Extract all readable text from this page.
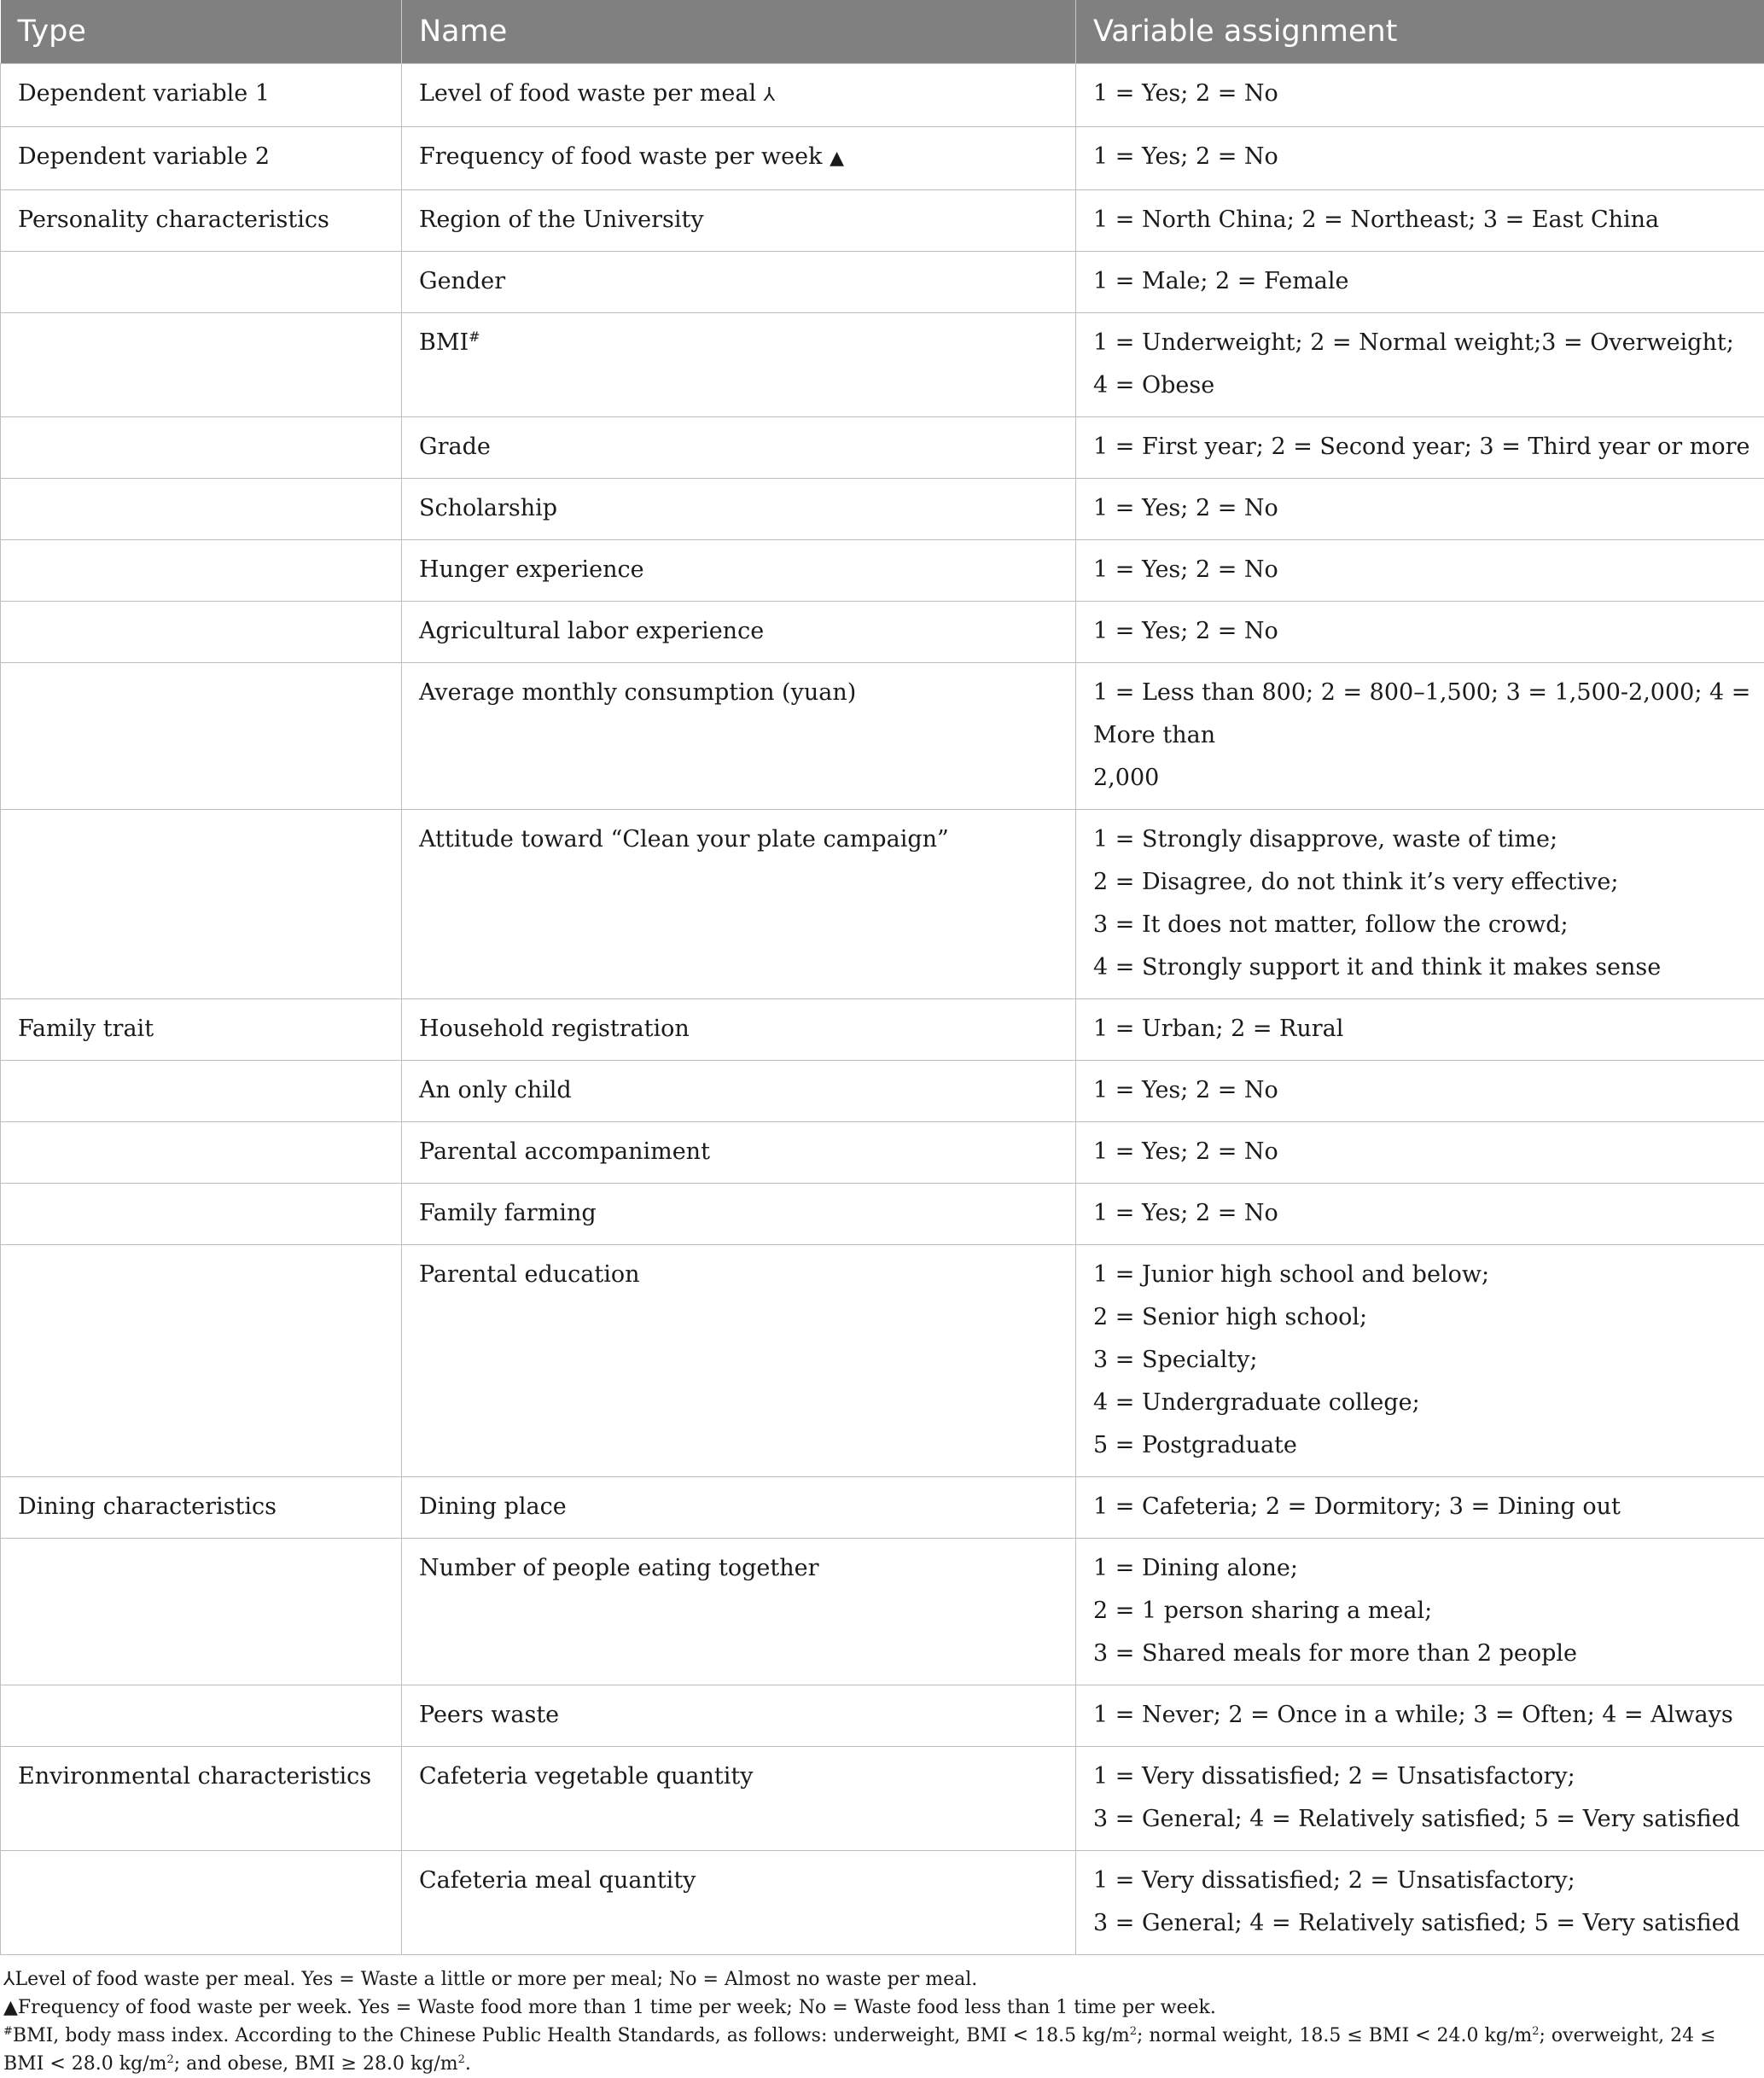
Type	Name	Variable assignment
Dependent variable 1	Level of food waste per meal ⅄	1 = Yes; 2 = No

Dependent variable 2	Frequency of food waste per week ▲	1 = Yes; 2 = No

Personality characteristics	Region of the University	1 = North China; 2 = Northeast; 3 = East China

	Gender	1 = Male; 2 = Female

	BMI#	1 = Underweight; 2 = Normal weight;3 = Overweight; 4 = Obese

	Grade	1 = First year; 2 = Second year; 3 = Third year or more

	Scholarship	1 = Yes; 2 = No

	Hunger experience	1 = Yes; 2 = No

	Agricultural labor experience	1 = Yes; 2 = No

	Average monthly consumption (yuan)	1 = Less than 800; 2 = 800–1,500; 3 = 1,500-2,000; 4 = More than
2,000

	Attitude toward “Clean your plate campaign”	1 = Strongly disapprove, waste of time;
2 = Disagree, do not think it’s very effective;
3 = It does not matter, follow the crowd;
4 = Strongly support it and think it makes sense

Family trait	Household registration	1 = Urban; 2 = Rural

	An only child	1 = Yes; 2 = No

	Parental accompaniment	1 = Yes; 2 = No

	Family farming	1 = Yes; 2 = No

	Parental education	1 = Junior high school and below;
2 = Senior high school;
3 = Specialty;
4 = Undergraduate college;
5 = Postgraduate

Dining characteristics	Dining place	1 = Cafeteria; 2 = Dormitory; 3 = Dining out

	Number of people eating together	1 = Dining alone;
2 = 1 person sharing a meal;
3 = Shared meals for more than 2 people

	Peers waste	1 = Never; 2 = Once in a while; 3 = Often; 4 = Always

Environmental characteristics	Cafeteria vegetable quantity	1 = Very dissatisfied; 2 = Unsatisfactory;
3 = General; 4 = Relatively satisfied; 5 = Very satisfied

	Cafeteria meal quantity	1 = Very dissatisfied; 2 = Unsatisfactory;
3 = General; 4 = Relatively satisfied; 5 = Very satisfied
⅄Level of food waste per meal. Yes = Waste a little or more per meal; No = Almost no waste per meal.
▲Frequency of food waste per week. Yes = Waste food more than 1 time per week; No = Waste food less than 1 time per week.
#BMI, body mass index. According to the Chinese Public Health Standards, as follows: underweight, BMI < 18.5 $kg/m^2$; normal weight, 18.5 ≤ BMI < 24.0 $kg/m^2$; overweight, 24 ≤ BMI < 28.0 $kg/m^2$; and obese, BMI ≥ 28.0 $kg/m^2$.
